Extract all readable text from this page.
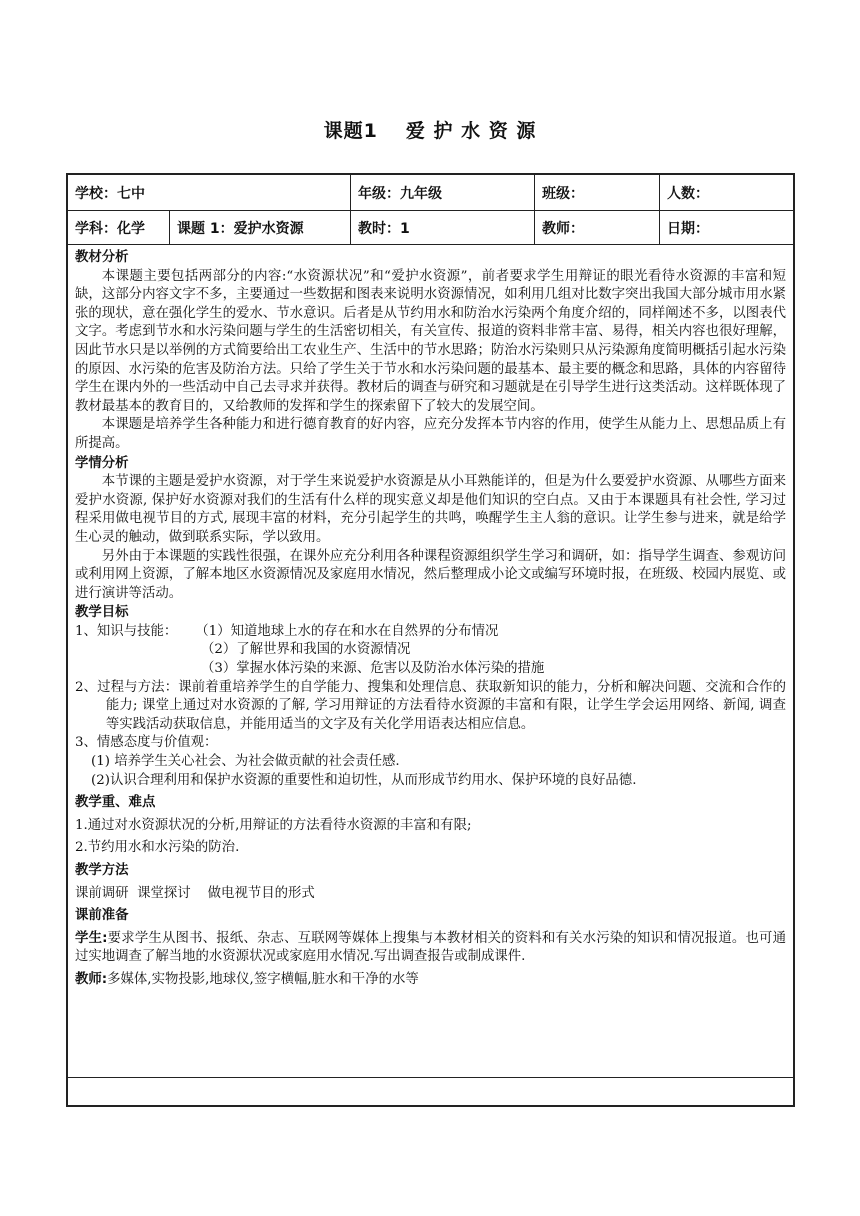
课题1 爱 护 水 资 源
学校：七中	年级：九年级	班级：	人数：
学科：化学	课题 1：爱护水资源	教时：1	教师：	日期：
教材分析

本课题主要包括两部分的内容:“水资源状况”和“爱护水资源”，前者要求学生用辩证的眼光看待水资源的丰富和短缺，这部分内容文字不多，主要通过一些数据和图表来说明水资源情况，如利用几组对比数字突出我国大部分城市用水紧张的现状，意在强化学生的爱水、节水意识。后者是从节约用水和防治水污染两个角度介绍的，同样阐述不多，以图表代文字。考虑到节水和水污染问题与学生的生活密切相关，有关宣传、报道的资料非常丰富、易得，相关内容也很好理解，因此节水只是以举例的方式简要给出工农业生产、生活中的节水思路；防治水污染则只从污染源角度简明概括引起水污染的原因、水污染的危害及防治方法。只给了学生关于节水和水污染问题的最基本、最主要的概念和思路，具体的内容留待学生在课内外的一些活动中自己去寻求并获得。教材后的调查与研究和习题就是在引导学生进行这类活动。这样既体现了教材最基本的教育目的，又给教师的发挥和学生的探索留下了较大的发展空间。

本课题是培养学生各种能力和进行德育教育的好内容，应充分发挥本节内容的作用，使学生从能力上、思想品质上有所提高。

学情分析

本节课的主题是爱护水资源，对于学生来说爱护水资源是从小耳熟能详的，但是为什么要爱护水资源、从哪些方面来爱护水资源, 保护好水资源对我们的生活有什么样的现实意义却是他们知识的空白点。又由于本课题具有社会性, 学习过程采用做电视节目的方式, 展现丰富的材料，充分引起学生的共鸣，唤醒学生主人翁的意识。让学生参与进来，就是给学生心灵的触动，做到联系实际，学以致用。

另外由于本课题的实践性很强，在课外应充分利用各种课程资源组织学生学习和调研，如：指导学生调查、参观访问或利用网上资源，了解本地区水资源情况及家庭用水情况，然后整理成小论文或编写环境时报，在班级、校园内展览、或进行演讲等活动。

教学目标

1、知识与技能： （1）知道地球上水的存在和水在自然界的分布情况

（2）了解世界和我国的水资源情况

（3）掌握水体污染的来源、危害以及防治水体污染的措施

2、过程与方法：课前着重培养学生的自学能力、搜集和处理信息、获取新知识的能力，分析和解决问题、交流和合作的能力; 课堂上通过对水资源的了解, 学习用辩证的方法看待水资源的丰富和有限，让学生学会运用网络、新闻, 调查等实践活动获取信息，并能用适当的文字及有关化学用语表达相应信息。

3、情感态度与价值观：

(1) 培养学生关心社会、为社会做贡献的社会责任感.

(2)认识合理利用和保护水资源的重要性和迫切性，从而形成节约用水、保护环境的良好品德.

教学重、难点

1.通过对水资源状况的分析,用辩证的方法看待水资源的丰富和有限;

2.节约用水和水污染的防治.

教学方法

课前调研  课堂探讨    做电视节目的形式

课前准备

学生:要求学生从图书、报纸、杂志、互联网等媒体上搜集与本教材相关的资料和有关水污染的知识和情况报道。也可通过实地调查了解当地的水资源状况或家庭用水情况.写出调查报告或制成课件.

教师:多媒体,实物投影,地球仪,签字横幅,脏水和干净的水等
